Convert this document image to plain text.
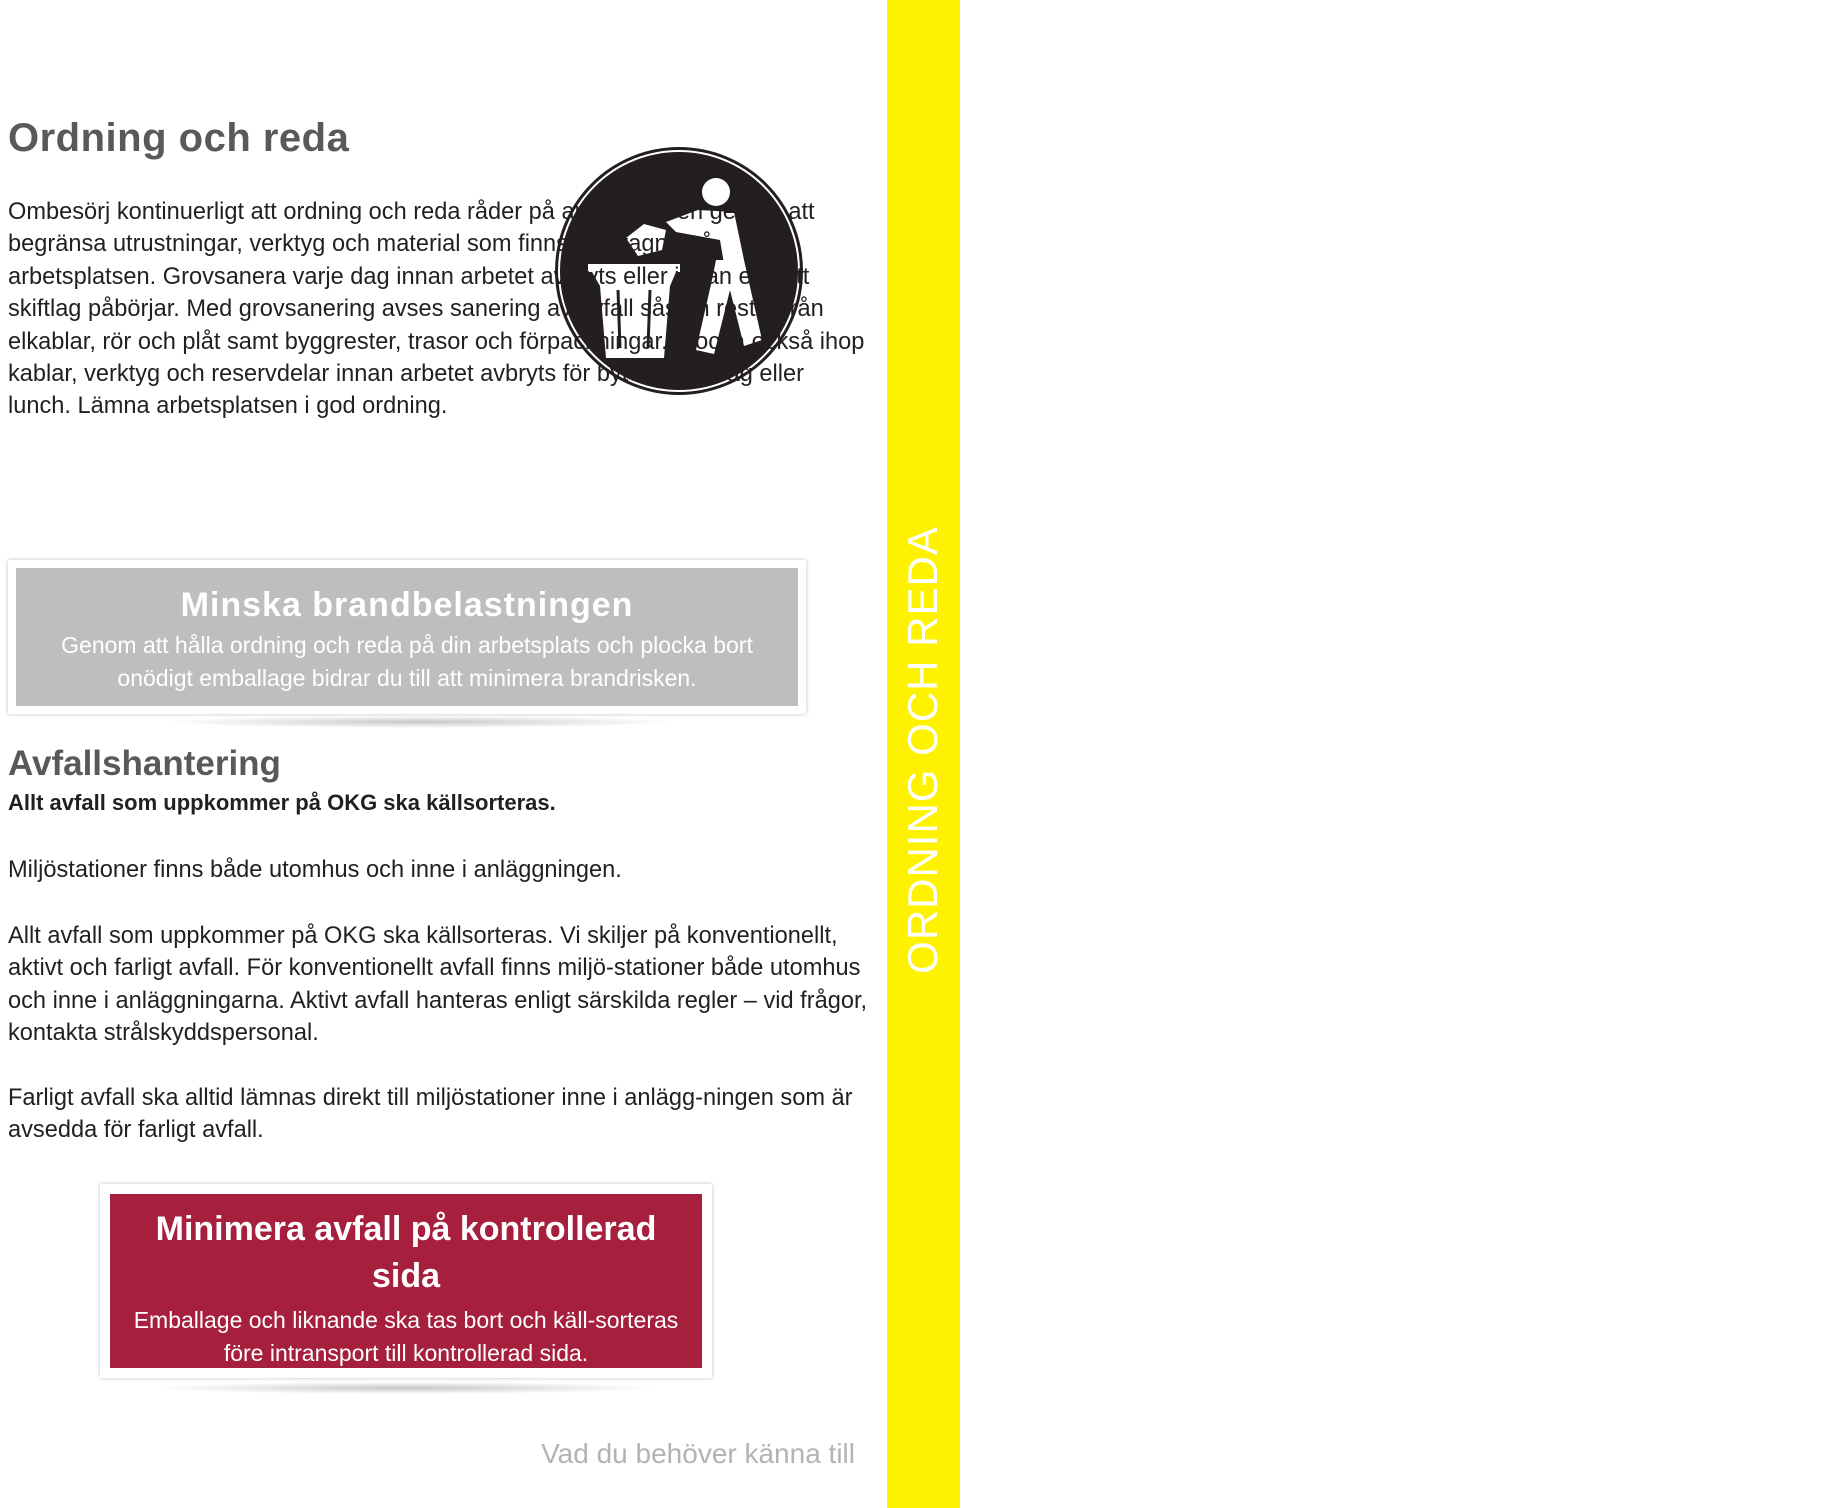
ORDNING OCH REDA
17
Ordning och reda

Ombesörj kontinuerligt att ordning och reda råder på arbetsplatsen genom att begränsa utrustningar, verktyg och material som finns framtagna på arbetsplatsen. Grovsanera varje dag innan arbetet avbryts eller innan ett nytt skiftlag påbörjar. Med grovsanering avses sanering av avfall såsom rester från elkablar, rör och plåt samt byggrester, trasor och förpackningar. Plocka också ihop kablar, verktyg och reservdelar innan arbetet avbryts för byte av skiftlag eller lunch. Lämna arbetsplatsen i god ordning.

Minska brandbelastningen
Genom att hålla ordning och reda på din arbetsplats och plocka bort onödigt emballage bidrar du till att minimera brandrisken.
Avfallshantering

Allt avfall som uppkommer på OKG ska källsorteras.

Miljöstationer finns både utomhus och inne i anläggningen.

Allt avfall som uppkommer på OKG ska källsorteras. Vi skiljer på konventionellt, aktivt och farligt avfall. För konventionellt avfall finns miljö-stationer både utomhus och inne i anläggningarna. Aktivt avfall hanteras enligt särskilda regler – vid frågor, kontakta strålskyddspersonal.

Farligt avfall ska alltid lämnas direkt till miljöstationer inne i anlägg-ningen som är avsedda för farligt avfall.

Minimera avfall på kontrollerad sida
Emballage och liknande ska tas bort och käll-sorteras före intransport till kontrollerad sida.
Vad du behöver känna till
